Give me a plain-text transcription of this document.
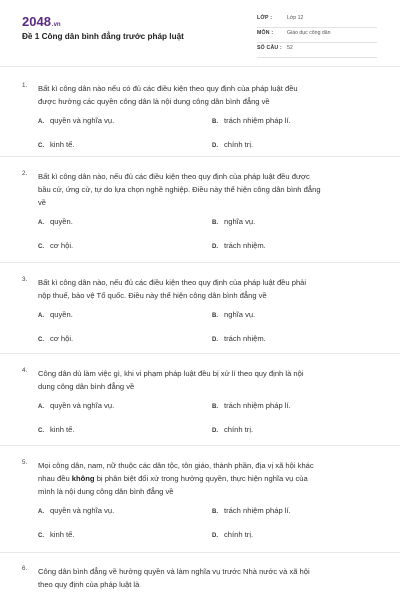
2048.vn
Đề 1 Công dân bình đẳng trước pháp luật
LỚP :	Lớp 12
MÔN :	Giáo dục công dân
SỐ CÂU : 52
1. Bất kì công dân nào nếu có đủ các điều kiện theo quy định của pháp luật đều
được hưởng các quyền công dân là nội dung công dân bình đẳng về
A. quyền và nghĩa vụ.	B. trách nhiệm pháp lí.
C. kinh tế.	D. chính trị.
2. Bất kì công dân nào, nếu đủ các điều kiện theo quy định của pháp luật đều được
bầu cử, ứng cử, tự do lựa chọn nghề nghiệp. Điều này thể hiện công dân bình đẳng
về
A. quyền.	B. nghĩa vụ.
C. cơ hội.	D. trách nhiệm.
3. Bất kì công dân nào, nếu đủ các điều kiện theo quy định của pháp luật đều phải
nộp thuế, bảo vệ Tổ quốc. Điều này thể hiện công dân bình đẳng về
A. quyền.	B. nghĩa vụ.
C. cơ hội.	D. trách nhiệm.
4. Công dân dù làm việc gì, khi vi phạm pháp luật đều bị xử lí theo quy định là nội
dung công dân bình đẳng về
A. quyền và nghĩa vụ.	B. trách nhiệm pháp lí.
C. kinh tế.	D. chính trị.
5. Mọi công dân, nam, nữ thuộc các dân tộc, tôn giáo, thành phần, địa vị xã hội khác
nhau đều không bị phân biệt đối xử trong hưởng quyền, thực hiện nghĩa vụ của
mình là nội dung công dân bình đẳng về
A. quyền và nghĩa vụ.	B. trách nhiệm pháp lí.
C. kinh tế.	D. chính trị.
6. Công dân bình đẳng về hưởng quyền và làm nghĩa vụ trước Nhà nước và xã hội
theo quy định của pháp luật là
